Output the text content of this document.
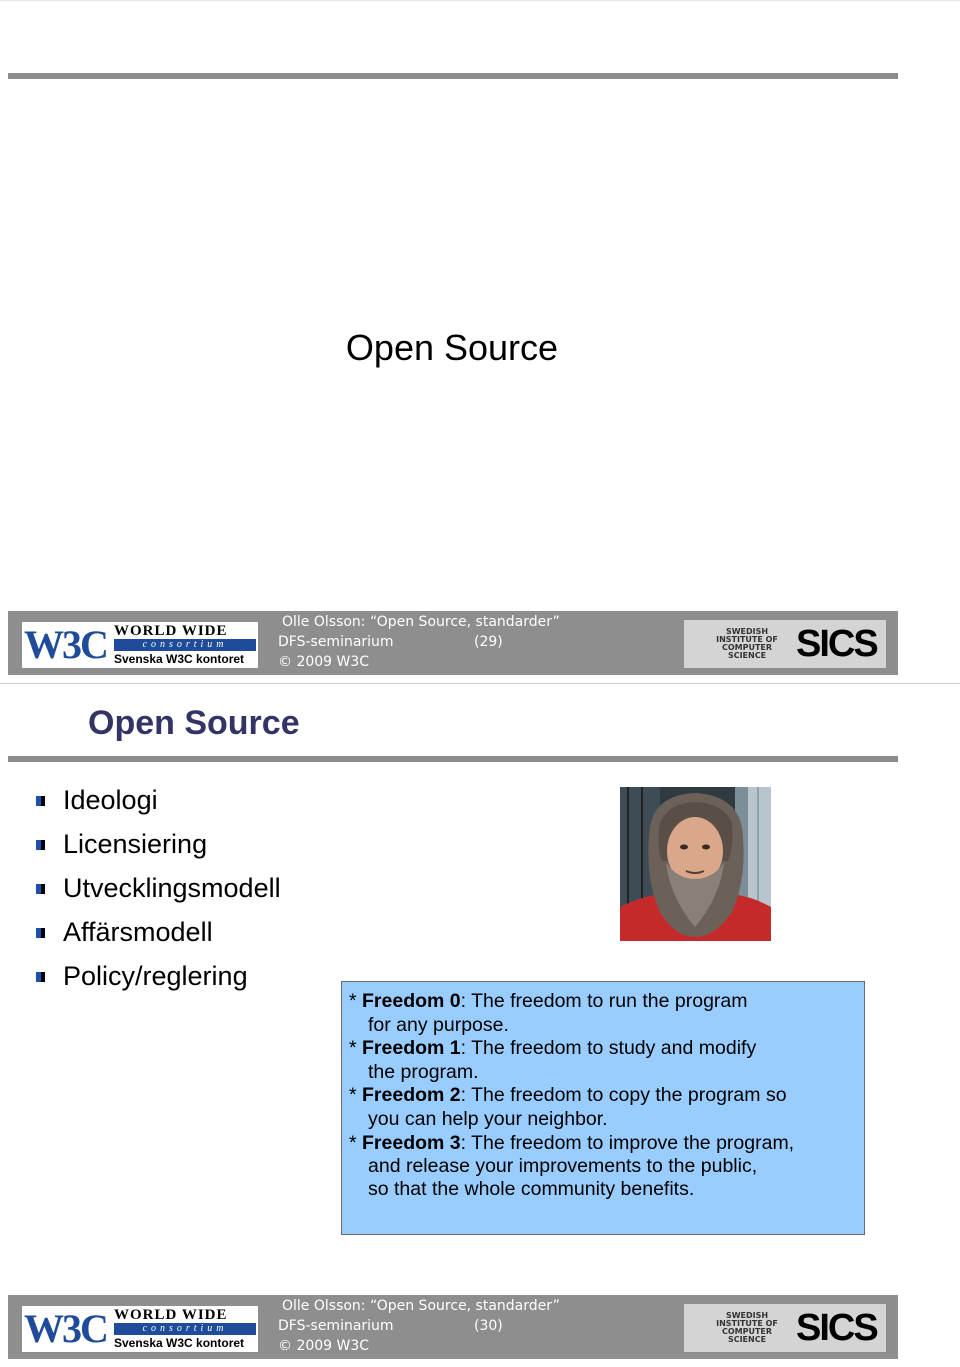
Open Source
W3C WORLD WIDE
consortium
Svenska W3C kontoret
Olle Olsson: “Open Source, standarder”
DFS-seminarium	(29)
© 2009 W3C
SWEDISH INSTITUTE OF COMPUTER SCIENCE SICS
Open Source
Ideologi
Licensiering
Utvecklingsmodell
Affärsmodell
Policy/reglering
* Freedom 0: The freedom to run the program
for any purpose.
* Freedom 1: The freedom to study and modify
the program.
* Freedom 2: The freedom to copy the program so
you can help your neighbor.
* Freedom 3: The freedom to improve the program,
and release your improvements to the public,
so that the whole community benefits.
W3C WORLD WIDE
consortium
Svenska W3C kontoret
Olle Olsson: “Open Source, standarder”
DFS-seminarium	(30)
© 2009 W3C
SWEDISH INSTITUTE OF COMPUTER SCIENCE SICS
